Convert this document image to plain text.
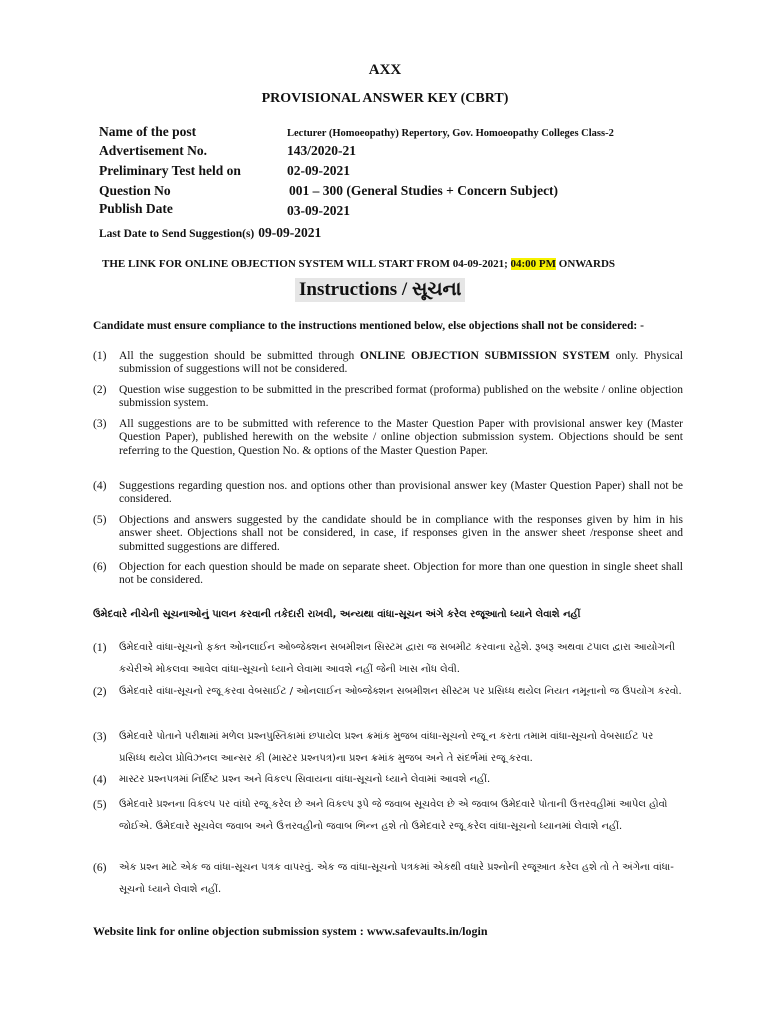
AXX
PROVISIONAL ANSWER KEY (CBRT)
Name of the post	Lecturer (Homoeopathy) Repertory, Gov. Homoeopathy Colleges Class-2
Advertisement No.	143/2020-21
Preliminary Test held on	02-09-2021
Question No	001 – 300 (General Studies + Concern Subject)
Publish Date	03-09-2021
Last Date to Send Suggestion(s) 09-09-2021
THE LINK FOR ONLINE OBJECTION SYSTEM WILL START FROM 04-09-2021; 04:00 PM ONWARDS
Instructions / સૂચના
Candidate must ensure compliance to the instructions mentioned below, else objections shall not be considered: -
(1)	All the suggestion should be submitted through ONLINE OBJECTION SUBMISSION SYSTEM only. Physical submission of suggestions will not be considered.
(2)	Question wise suggestion to be submitted in the prescribed format (proforma) published on the website / online objection submission system.
(3)	All suggestions are to be submitted with reference to the Master Question Paper with provisional answer key (Master Question Paper), published herewith on the website / online objection submission system. Objections should be sent referring to the Question, Question No. & options of the Master Question Paper.
(4)	Suggestions regarding question nos. and options other than provisional answer key (Master Question Paper) shall not be considered.
(5)	Objections and answers suggested by the candidate should be in compliance with the responses given by him in his answer sheet. Objections shall not be considered, in case, if responses given in the answer sheet /response sheet and submitted suggestions are differed.
(6)	Objection for each question should be made on separate sheet. Objection for more than one question in single sheet shall not be considered.
ઉમેદવારે નીચેની સૂચનાઓનું પાલન કરવાની તકેદારી રાખવી, અન્યથા વાંધા-સૂચન અંગે કરેલ રજૂઆતો ધ્યાને લેવાશે નહીં
(1)	ઉમેદવારે વાંધા-સૂચનો ફક્ત ઓનલાઈન ઓબ્જેક્શન સબમીશન સિસ્ટમ દ્વારા જ સબમીટ કરવાના રહેશે. રૂબરૂ અથવા ટપાલ દ્વારા આયોગની કચેરીએ મોકલવા આવેલ વાંધા-સૂચનો ધ્યાને લેવામા આવશે નહીં જેની ખાસ નોંધ લેવી.
(2)	ઉમેદવારે વાંધા-સૂચનો રજૂ કરવા વેબસાઈટ / ઓનલાઈન ઓબ્જેક્શન સબમીશન સીસ્ટમ પર પ્રસિધ્ધ થયેલ નિયત નમૂનાનો જ ઉપયોગ કરવો.
(3)	ઉમેદવારે પોતાને પરીક્ષામાં મળેલ પ્રશ્નપુસ્તિકામાં છપાયેલ પ્રશ્ન ક્રમાંક મુજબ વાંધા-સૂચનો રજૂ ન કરતા તમામ વાંધા-સૂચનો વેબસાઈટ પર પ્રસિધ્ધ થયેલ પ્રોવિઝનલ આન્સર કી (માસ્ટર પ્રશ્નપત્ર)ના પ્રશ્ન ક્રમાંક મુજબ અને તે સંદર્ભમાં રજૂ કરવા.
(4)	માસ્ટર પ્રશ્નપત્રમાં નિર્દિષ્ટ પ્રશ્ન અને વિકલ્પ સિવાયના વાંધા-સૂચનો ધ્યાને લેવામાં આવશે નહીં.
(5)	ઉમેદવારે પ્રશ્નના વિકલ્પ પર વાંધો રજૂ કરેલ છે અને વિકલ્પ રૂપે જે જવાબ સૂચવેલ છે એ જવાબ ઉમેદવારે પોતાની ઉત્તરવહીમાં આપેલ હોવો જોઈએ. ઉમેદવારે સૂચવેલ જવાબ અને ઉત્તરવહીનો જવાબ ભિન્ન હશે તો ઉમેદવારે રજૂ કરેલ વાંધા-સૂચનો ધ્યાનમાં લેવાશે નહીં.
(6)	એક પ્રશ્ન માટે એક જ વાંધા-સૂચન પત્રક વાપરવું. એક જ વાંધા-સૂચનો પત્રકમાં એકથી વધારે પ્રશ્નોની રજૂઆત કરેલ હશે તો તે અંગેના વાંધા-સૂચનો ધ્યાને લેવાશે નહીં.
Website link for online objection submission system : www.safevaults.in/login
